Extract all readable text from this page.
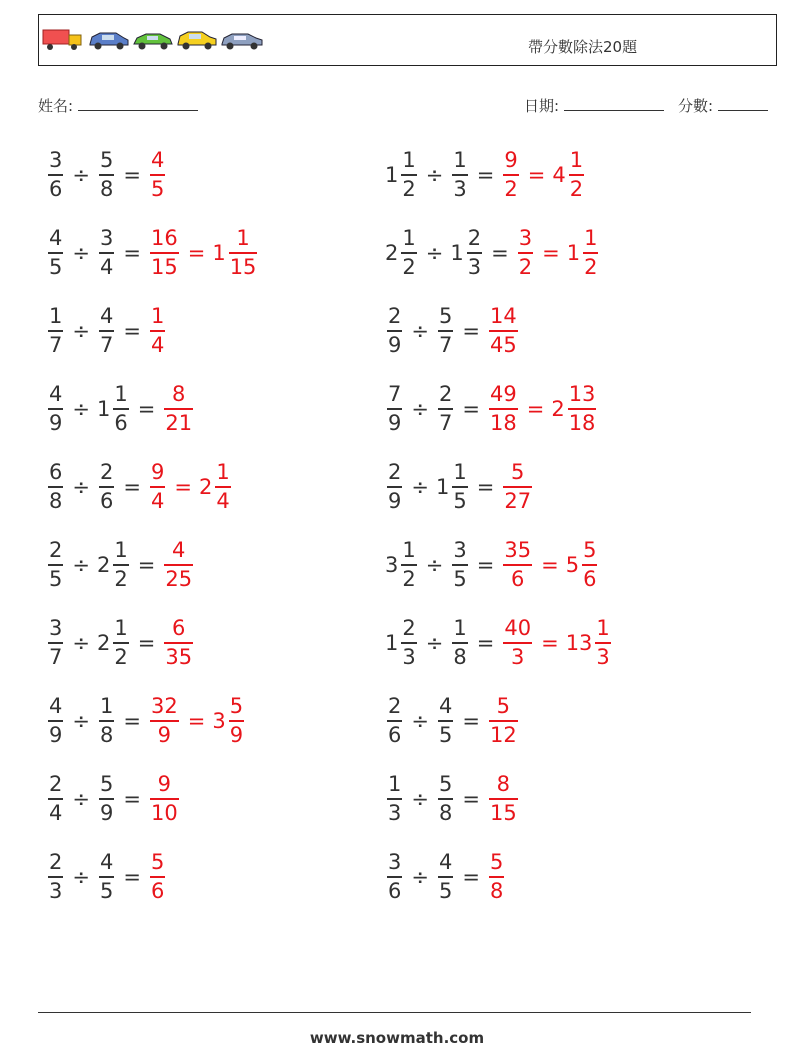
帶分數除法20題
姓名:	日期:	分數:
$\frac{3}{6} \div \frac{5}{8} = \frac{4}{5}$
$\frac{4}{5} \div \frac{3}{4} = \frac{16}{15} = 1 \frac{1}{15}$
$\frac{1}{7} \div \frac{4}{7} = \frac{1}{4}$
$\frac{4}{9} \div 1 \frac{1}{6} = \frac{8}{21}$
$\frac{6}{8} \div \frac{2}{6} = \frac{9}{4} = 2 \frac{1}{4}$
$\frac{2}{5} \div 2 \frac{1}{2} = \frac{4}{25}$
$\frac{3}{7} \div 2 \frac{1}{2} = \frac{6}{35}$
$\frac{4}{9} \div \frac{1}{8} = \frac{32}{9} = 3 \frac{5}{9}$
$\frac{2}{4} \div \frac{5}{9} = \frac{9}{10}$
$\frac{2}{3} \div \frac{4}{5} = \frac{5}{6}$
$1 \frac{1}{2} \div \frac{1}{3} = \frac{9}{2} = 4 \frac{1}{2}$
$2 \frac{1}{2} \div 1 \frac{2}{3} = \frac{3}{2} = 1 \frac{1}{2}$
$\frac{2}{9} \div \frac{5}{7} = \frac{14}{45}$
$\frac{7}{9} \div \frac{2}{7} = \frac{49}{18} = 2 \frac{13}{18}$
$\frac{2}{9} \div 1 \frac{1}{5} = \frac{5}{27}$
$3 \frac{1}{2} \div \frac{3}{5} = \frac{35}{6} = 5 \frac{5}{6}$
$1 \frac{2}{3} \div \frac{1}{8} = \frac{40}{3} = 13 \frac{1}{3}$
$\frac{2}{6} \div \frac{4}{5} = \frac{5}{12}$
$\frac{1}{3} \div \frac{5}{8} = \frac{8}{15}$
$\frac{3}{6} \div \frac{4}{5} = \frac{5}{8}$
www.snowmath.com
